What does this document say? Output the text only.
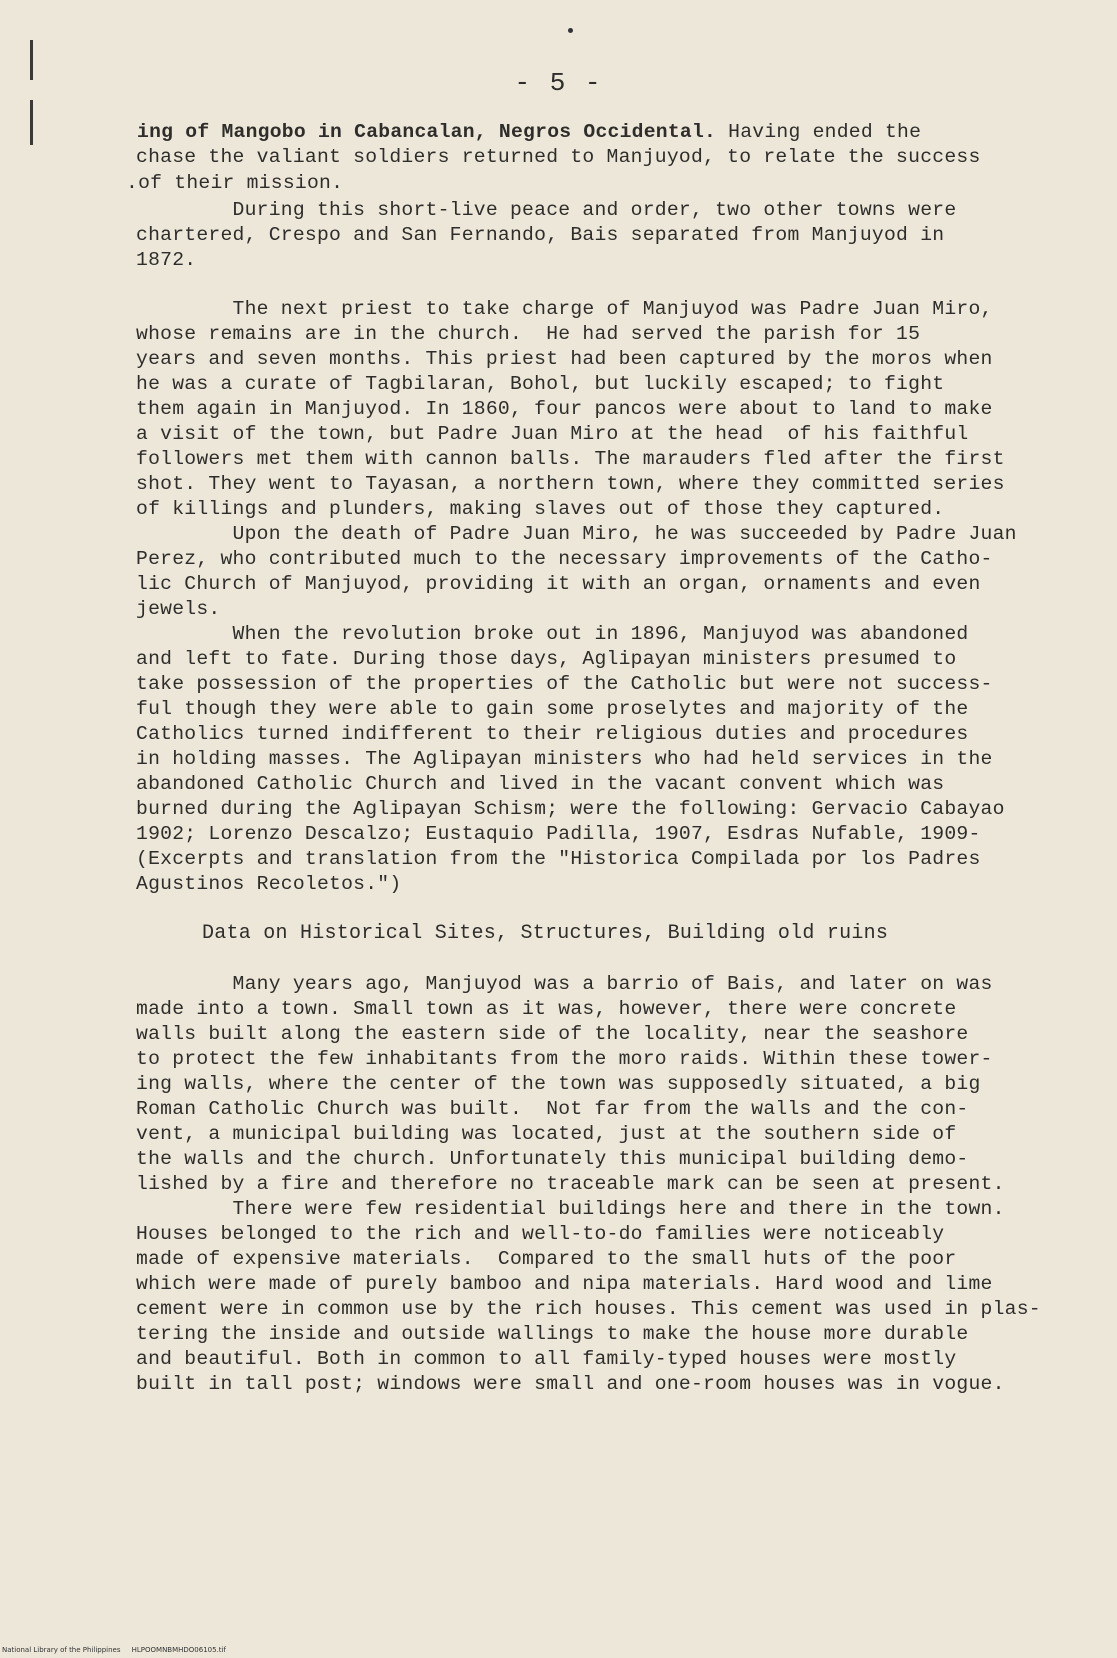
- 5 -
ing of Mangobo in Cabancalan, Negros Occidental. Having ended the
chase the valiant soldiers returned to Manjuyod, to relate the success
.of their mission.
During this short-live peace and order, two other towns were
chartered, Crespo and San Fernando, Bais separated from Manjuyod in
1872.
The next priest to take charge of Manjuyod was Padre Juan Miro,
whose remains are in the church.  He had served the parish for 15
years and seven months. This priest had been captured by the moros when
he was a curate of Tagbilaran, Bohol, but luckily escaped; to fight
them again in Manjuyod. In 1860, four pancos were about to land to make
a visit of the town, but Padre Juan Miro at the head  of his faithful
followers met them with cannon balls. The marauders fled after the first
shot. They went to Tayasan, a northern town, where they committed series
of killings and plunders, making slaves out of those they captured.
Upon the death of Padre Juan Miro, he was succeeded by Padre Juan
Perez, who contributed much to the necessary improvements of the Catho-
lic Church of Manjuyod, providing it with an organ, ornaments and even
jewels.
When the revolution broke out in 1896, Manjuyod was abandoned
and left to fate. During those days, Aglipayan ministers presumed to
take possession of the properties of the Catholic but were not success-
ful though they were able to gain some proselytes and majority of the
Catholics turned indifferent to their religious duties and procedures
in holding masses. The Aglipayan ministers who had held services in the
abandoned Catholic Church and lived in the vacant convent which was
burned during the Aglipayan Schism; were the following: Gervacio Cabayao
1902; Lorenzo Descalzo; Eustaquio Padilla, 1907, Esdras Nufable, 1909-
(Excerpts and translation from the "Historica Compilada por los Padres
Agustinos Recoletos.")
Data on Historical Sites, Structures, Building old ruins
Many years ago, Manjuyod was a barrio of Bais, and later on was
made into a town. Small town as it was, however, there were concrete
walls built along the eastern side of the locality, near the seashore
to protect the few inhabitants from the moro raids. Within these tower-
ing walls, where the center of the town was supposedly situated, a big
Roman Catholic Church was built.  Not far from the walls and the con-
vent, a municipal building was located, just at the southern side of
the walls and the church. Unfortunately this municipal building demo-
lished by a fire and therefore no traceable mark can be seen at present.
There were few residential buildings here and there in the town.
Houses belonged to the rich and well-to-do families were noticeably
made of expensive materials.  Compared to the small huts of the poor
which were made of purely bamboo and nipa materials. Hard wood and lime
cement were in common use by the rich houses. This cement was used in plas-
tering the inside and outside wallings to make the house more durable
and beautiful. Both in common to all family-typed houses were mostly
built in tall post; windows were small and one-room houses was in vogue.
National Library of the Philippines     HLPOOMNBMHDO06105.tif
